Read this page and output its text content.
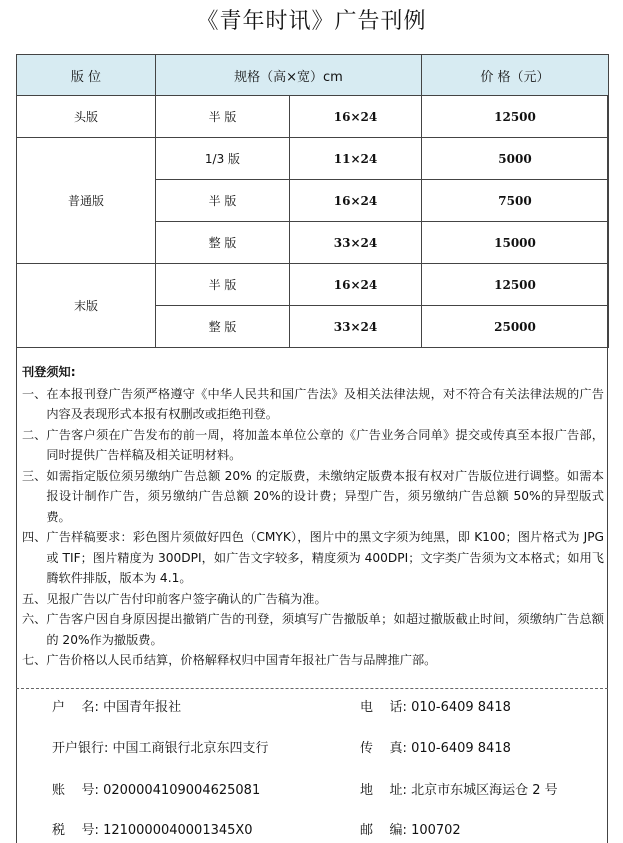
《青年时讯》广告刊例
版 位	规格（高×宽）cm		价 格（元）
头版	半 版	16×24	12500
普通版	1/3 版	11×24	5000
	半 版	16×24	7500
	整 版	33×24	15000
末版	半 版	16×24	12500
	整 版	33×24	25000
刊登须知:
一、 在本报刊登广告须严格遵守《中华人民共和国广告法》及相关法律法规，对不符合有关法律法规的广告内容及表现形式本报有权删改或拒绝刊登。
二、 广告客户须在广告发布的前一周，将加盖本单位公章的《广告业务合同单》提交或传真至本报广告部，同时提供广告样稿及相关证明材料。
三、 如需指定版位须另缴纳广告总额 20% 的定版费，未缴纳定版费本报有权对广告版位进行调整。如需本报设计制作广告，须另缴纳广告总额 20%的设计费；异型广告，须另缴纳广告总额 50%的异型版式费。
四、 广告样稿要求：彩色图片须做好四色（CMYK），图片中的黑文字须为纯黑，即 K100；图片格式为 JPG 或 TIF；图片精度为 300DPI，如广告文字较多，精度须为 400DPI；文字类广告须为文本格式；如用飞腾软件排版，版本为 4.1。
五、 见报广告以广告付印前客户签字确认的广告稿为准。
六、 广告客户因自身原因提出撤销广告的刊登，须填写广告撤版单；如超过撤版截止时间，须缴纳广告总额的 20%作为撤版费。
七、 广告价格以人民币结算，价格解释权归中国青年报社广告与品牌推广部。
户    名: 中国青年报社	电    话: 010-6409 8418
开户银行: 中国工商银行北京东四支行	传    真: 010-6409 8418
账    号: 0200004109004625081	地    址: 北京市东城区海运仓 2 号
税    号: 1210000040001345X0	邮    编: 100702
